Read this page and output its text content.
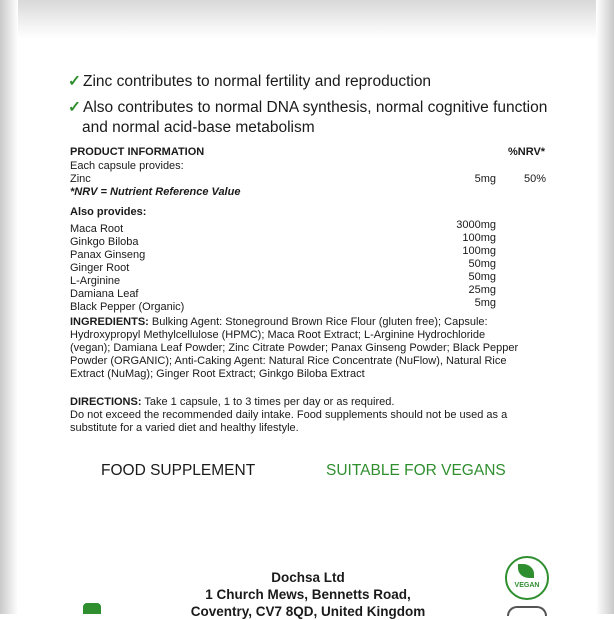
✓ Zinc contributes to normal fertility and reproduction
✓ Also contributes to normal DNA synthesis, normal cognitive function
and normal acid-base metabolism
PRODUCT INFORMATION	%NRV*
Each capsule provides:
Zinc	5mg	50%
*NRV = Nutrient Reference Value
Also provides:
Maca Root	3000mg
Ginkgo Biloba	100mg
Panax Ginseng	100mg
Ginger Root	50mg
L-Arginine	50mg
Damiana Leaf	25mg
Black Pepper (Organic)	5mg
INGREDIENTS: Bulking Agent: Stoneground Brown Rice Flour (gluten free); Capsule:
Hydroxypropyl Methylcellulose (HPMC); Maca Root Extract; L-Arginine Hydrochloride
(vegan); Damiana Leaf Powder; Zinc Citrate Powder; Panax Ginseng Powder; Black Pepper
Powder (ORGANIC); Anti-Caking Agent: Natural Rice Concentrate (NuFlow), Natural Rice
Extract (NuMag); Ginger Root Extract; Ginkgo Biloba Extract
DIRECTIONS: Take 1 capsule, 1 to 3 times per day or as required.
Do not exceed the recommended daily intake. Food supplements should not be used as a
substitute for a varied diet and healthy lifestyle.
FOOD SUPPLEMENT	SUITABLE FOR VEGANS
Dochsa Ltd
1 Church Mews, Bennetts Road,
Coventry, CV7 8QD, United Kingdom
VEGAN
